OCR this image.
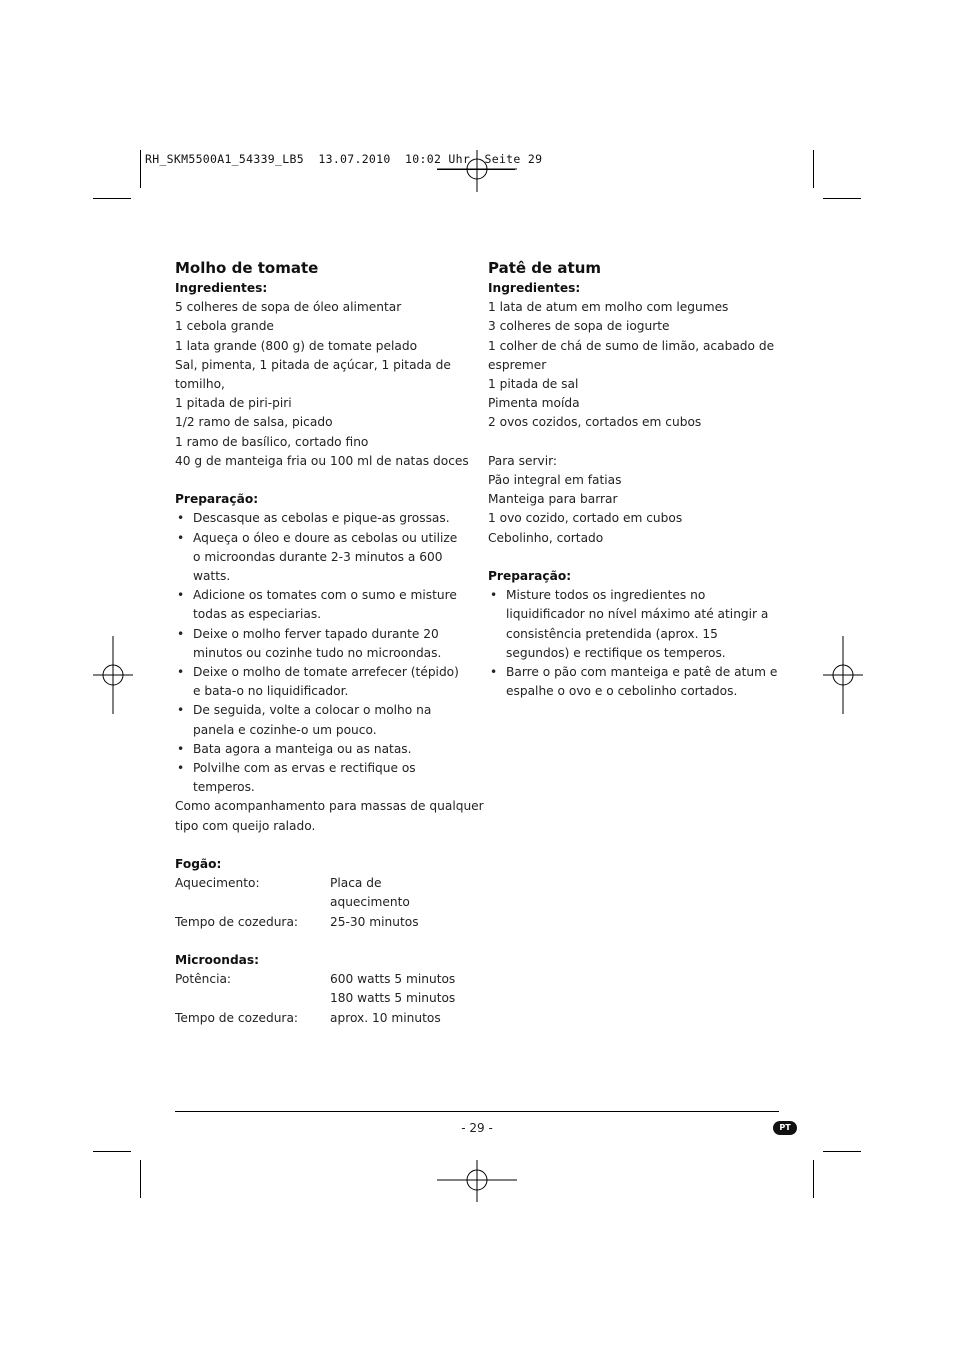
RH_SKM5500A1_54339_LB5  13.07.2010  10:02 Uhr  Seite 29
Molho de tomate
Ingredientes:
5 colheres de sopa de óleo alimentar
1 cebola grande
1 lata grande (800 g) de tomate pelado
Sal, pimenta, 1 pitada de açúcar, 1 pitada de
tomilho,
1 pitada de piri-piri
1/2 ramo de salsa, picado
1 ramo de basílico, cortado fino
40 g de manteiga fria ou 100 ml de natas doces
Preparação:
• Descasque as cebolas e pique-as grossas.
• Aqueça o óleo e doure as cebolas ou utilize o microondas durante 2-3 minutos a 600 watts.
• Adicione os tomates com o sumo e misture todas as especiarias.
• Deixe o molho ferver tapado durante 20 minutos ou cozinhe tudo no microondas.
• Deixe o molho de tomate arrefecer (tépido) e bata-o no liquidificador.
• De seguida, volte a colocar o molho na panela e cozinhe-o um pouco.
• Bata agora a manteiga ou as natas.
• Polvilhe com as ervas e rectifique os temperos.
Como acompanhamento para massas de qualquer
tipo com queijo ralado.
Fogão:
Aquecimento:	Placa de aquecimento
Tempo de cozedura:	25-30 minutos
Microondas:
Potência:	600 watts 5 minutos
180 watts 5 minutos
Tempo de cozedura:	aprox. 10 minutos
Patê de atum
Ingredientes:
1 lata de atum em molho com legumes
3 colheres de sopa de iogurte
1 colher de chá de sumo de limão, acabado de
espremer
1 pitada de sal
Pimenta moída
2 ovos cozidos, cortados em cubos
Para servir:
Pão integral em fatias
Manteiga para barrar
1 ovo cozido, cortado em cubos
Cebolinho, cortado
Preparação:
• Misture todos os ingredientes no liquidificador no nível máximo até atingir a consistência pretendida (aprox. 15 segundos) e rectifique os temperos.
• Barre o pão com manteiga e patê de atum e espalhe o ovo e o cebolinho cortados.
- 29 -	PT
